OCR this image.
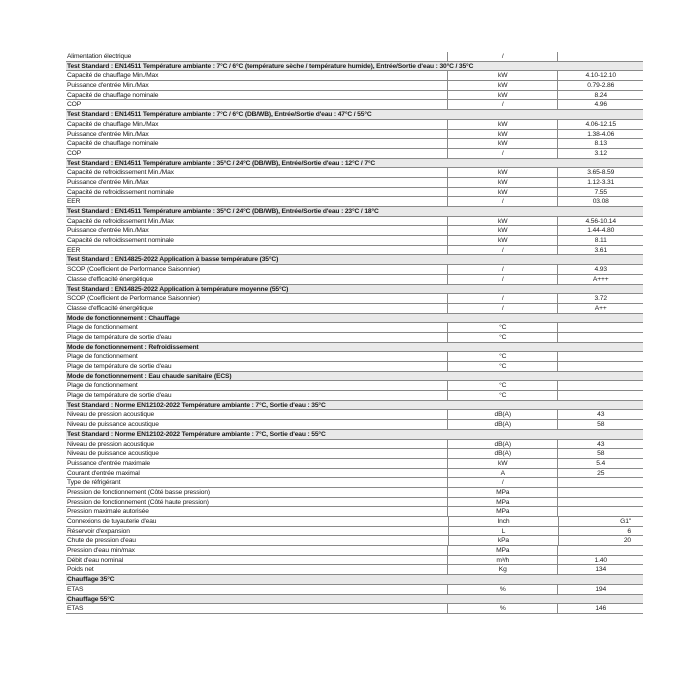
Alimentation électrique	/
Test Standard : EN14511 Température ambiante : 7°C / 6°C (température sèche / température humide), Entrée/Sortie d'eau : 30°C / 35°C
Capacité de chauffage Min./Max	kW	4.10-12.10
Puissance d'entrée Min./Max	kW	0.79-2.86
Capacité de chauffage nominale	kW	8.24
COP	/	4.96
Test Standard : EN14511 Température ambiante : 7°C / 6°C (DB/WB), Entrée/Sortie d'eau : 47°C / 55°C
Capacité de chauffage Min./Max	kW	4.06-12.15
Puissance d'entrée Min./Max	kW	1.38-4.06
Capacité de chauffage nominale	kW	8.13
COP	/	3.12
Test Standard : EN14511 Température ambiante : 35°C / 24°C (DB/WB), Entrée/Sortie d'eau : 12°C / 7°C
Capacité de refroidissement Min./Max	kW	3.65-8.59
Puissance d'entrée Min./Max	kW	1.12-3.31
Capacité de refroidissement nominale	kW	7.55
EER	/	03.08
Test Standard : EN14511 Température ambiante : 35°C / 24°C (DB/WB), Entrée/Sortie d'eau : 23°C / 18°C
Capacité de refroidissement Min./Max	kW	4.56-10.14
Puissance d'entrée Min./Max	kW	1.44-4.80
Capacité de refroidissement nominale	kW	8.11
EER	/	3.61
Test Standard : EN14825-2022 Application à basse température (35°C)
SCOP (Coefficient de Performance Saisonnier)	/	4.93
Classe d'efficacité énergétique	/	A+++
Test Standard : EN14825-2022 Application à température moyenne (55°C)
SCOP (Coefficient de Performance Saisonnier)	/	3.72
Classe d'efficacité énergétique	/	A++
Mode de fonctionnement : Chauffage
Plage de fonctionnement	°C
Plage de température de sortie d'eau	°C
Mode de fonctionnement : Refroidissement
Plage de fonctionnement	°C
Plage de température de sortie d'eau	°C
Mode de fonctionnement : Eau chaude sanitaire (ECS)
Plage de fonctionnement	°C
Plage de température de sortie d'eau	°C
Test Standard : Norme EN12102-2022 Température ambiante : 7°C, Sortie d'eau : 35°C
Niveau de pression acoustique	dB(A)	43
Niveau de puissance acoustique	dB(A)	58
Test Standard : Norme EN12102-2022 Température ambiante : 7°C, Sortie d'eau : 55°C
Niveau de pression acoustique	dB(A)	43
Niveau de puissance acoustique	dB(A)	58
Puissance d'entrée maximale	kW	5.4
Courant d'entrée maximal	A	25
Type de réfrigérant	/
Pression de fonctionnement (Côté basse pression)	MPa
Pression de fonctionnement (Côté haute pression)	MPa
Pression maximale autorisée	MPa
Connexions de tuyauterie d'eau	Inch	G1"
Réservoir d'expansion	L	6
Chute de pression d'eau	kPa	20
Pression d'eau min/max	MPa
Débit d'eau nominal	m³/h	1.40
Poids net	Kg	134
Chauffage 35°C
ETAS	%	194
Chauffage 55°C
ETAS	%	146
